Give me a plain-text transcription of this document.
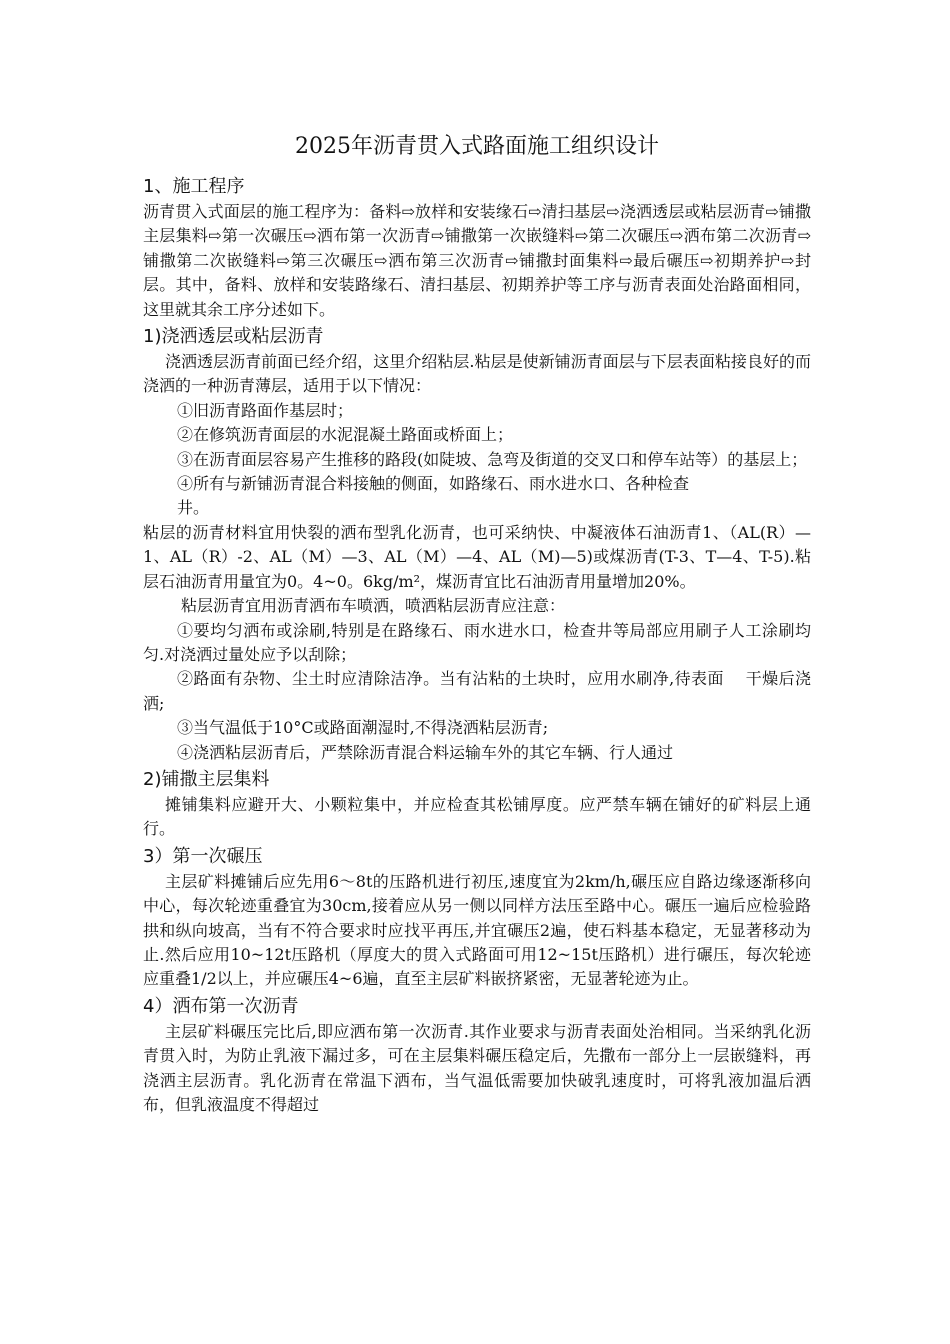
2025年沥青贯入式路面施工组织设计
1、施工程序

沥青贯入式面层的施工程序为：备料⇨放样和安装缘石⇨清扫基层⇨浇洒透层或粘层沥青⇨铺撒主层集料⇨第一次碾压⇨洒布第一次沥青⇨铺撒第一次嵌缝料⇨第二次碾压⇨洒布第二次沥青⇨铺撒第二次嵌缝料⇨第三次碾压⇨洒布第三次沥青⇨铺撒封面集料⇨最后碾压⇨初期养护⇨封层。其中，备料、放样和安装路缘石、清扫基层、初期养护等工序与沥青表面处治路面相同，这里就其余工序分述如下。

1)浇洒透层或粘层沥青

浇洒透层沥青前面已经介绍，这里介绍粘层.粘层是使新铺沥青面层与下层表面粘接良好的而浇洒的一种沥青薄层，适用于以下情况：

①旧沥青路面作基层时；

②在修筑沥青面层的水泥混凝土路面或桥面上；

③在沥青面层容易产生推移的路段(如陡坡、急弯及街道的交叉口和停车站等）的基层上；

④所有与新铺沥青混合料接触的侧面，如路缘石、雨水进水口、各种检查

井。

粘层的沥青材料宜用快裂的洒布型乳化沥青，也可采纳快、中凝液体石油沥青1、（AL(R）—1、AL（R）-2、AL（M）—3、AL（M）—4、AL（M)—5)或煤沥青(T-3、T—4、T-5).粘层石油沥青用量宜为0。4~0。6kg/m²，煤沥青宜比石油沥青用量增加20%。

粘层沥青宜用沥青洒布车喷洒，喷洒粘层沥青应注意：

①要均匀洒布或涂刷,特别是在路缘石、雨水进水口，检查井等局部应用刷子人工涂刷均匀.对浇洒过量处应予以刮除；

②路面有杂物、尘土时应清除洁净。当有沾粘的土块时，应用水刷净,待表面　 干燥后浇洒;

③当气温低于10°C或路面潮湿时,不得浇洒粘层沥青;

④浇洒粘层沥青后，严禁除沥青混合料运输车外的其它车辆、行人通过

2)铺撒主层集料

摊铺集料应避开大、小颗粒集中，并应检查其松铺厚度。应严禁车辆在铺好的矿料层上通行。

3）第一次碾压

主层矿料摊铺后应先用6～8t的压路机进行初压,速度宜为2km/h,碾压应自路边缘逐渐移向中心，每次轮迹重叠宜为30cm,接着应从另一侧以同样方法压至路中心。碾压一遍后应检验路拱和纵向坡高，当有不符合要求时应找平再压,并宜碾压2遍，使石料基本稳定，无显著移动为止.然后应用10~12t压路机（厚度大的贯入式路面可用12~15t压路机）进行碾压，每次轮迹应重叠1/2以上，并应碾压4~6遍，直至主层矿料嵌挤紧密，无显著轮迹为止。

4）洒布第一次沥青

主层矿料碾压完比后,即应洒布第一次沥青.其作业要求与沥青表面处治相同。当采纳乳化沥青贯入时，为防止乳液下漏过多，可在主层集料碾压稳定后，先撒布一部分上一层嵌缝料，再浇洒主层沥青。乳化沥青在常温下洒布，当气温低需要加快破乳速度时，可将乳液加温后洒布，但乳液温度不得超过
